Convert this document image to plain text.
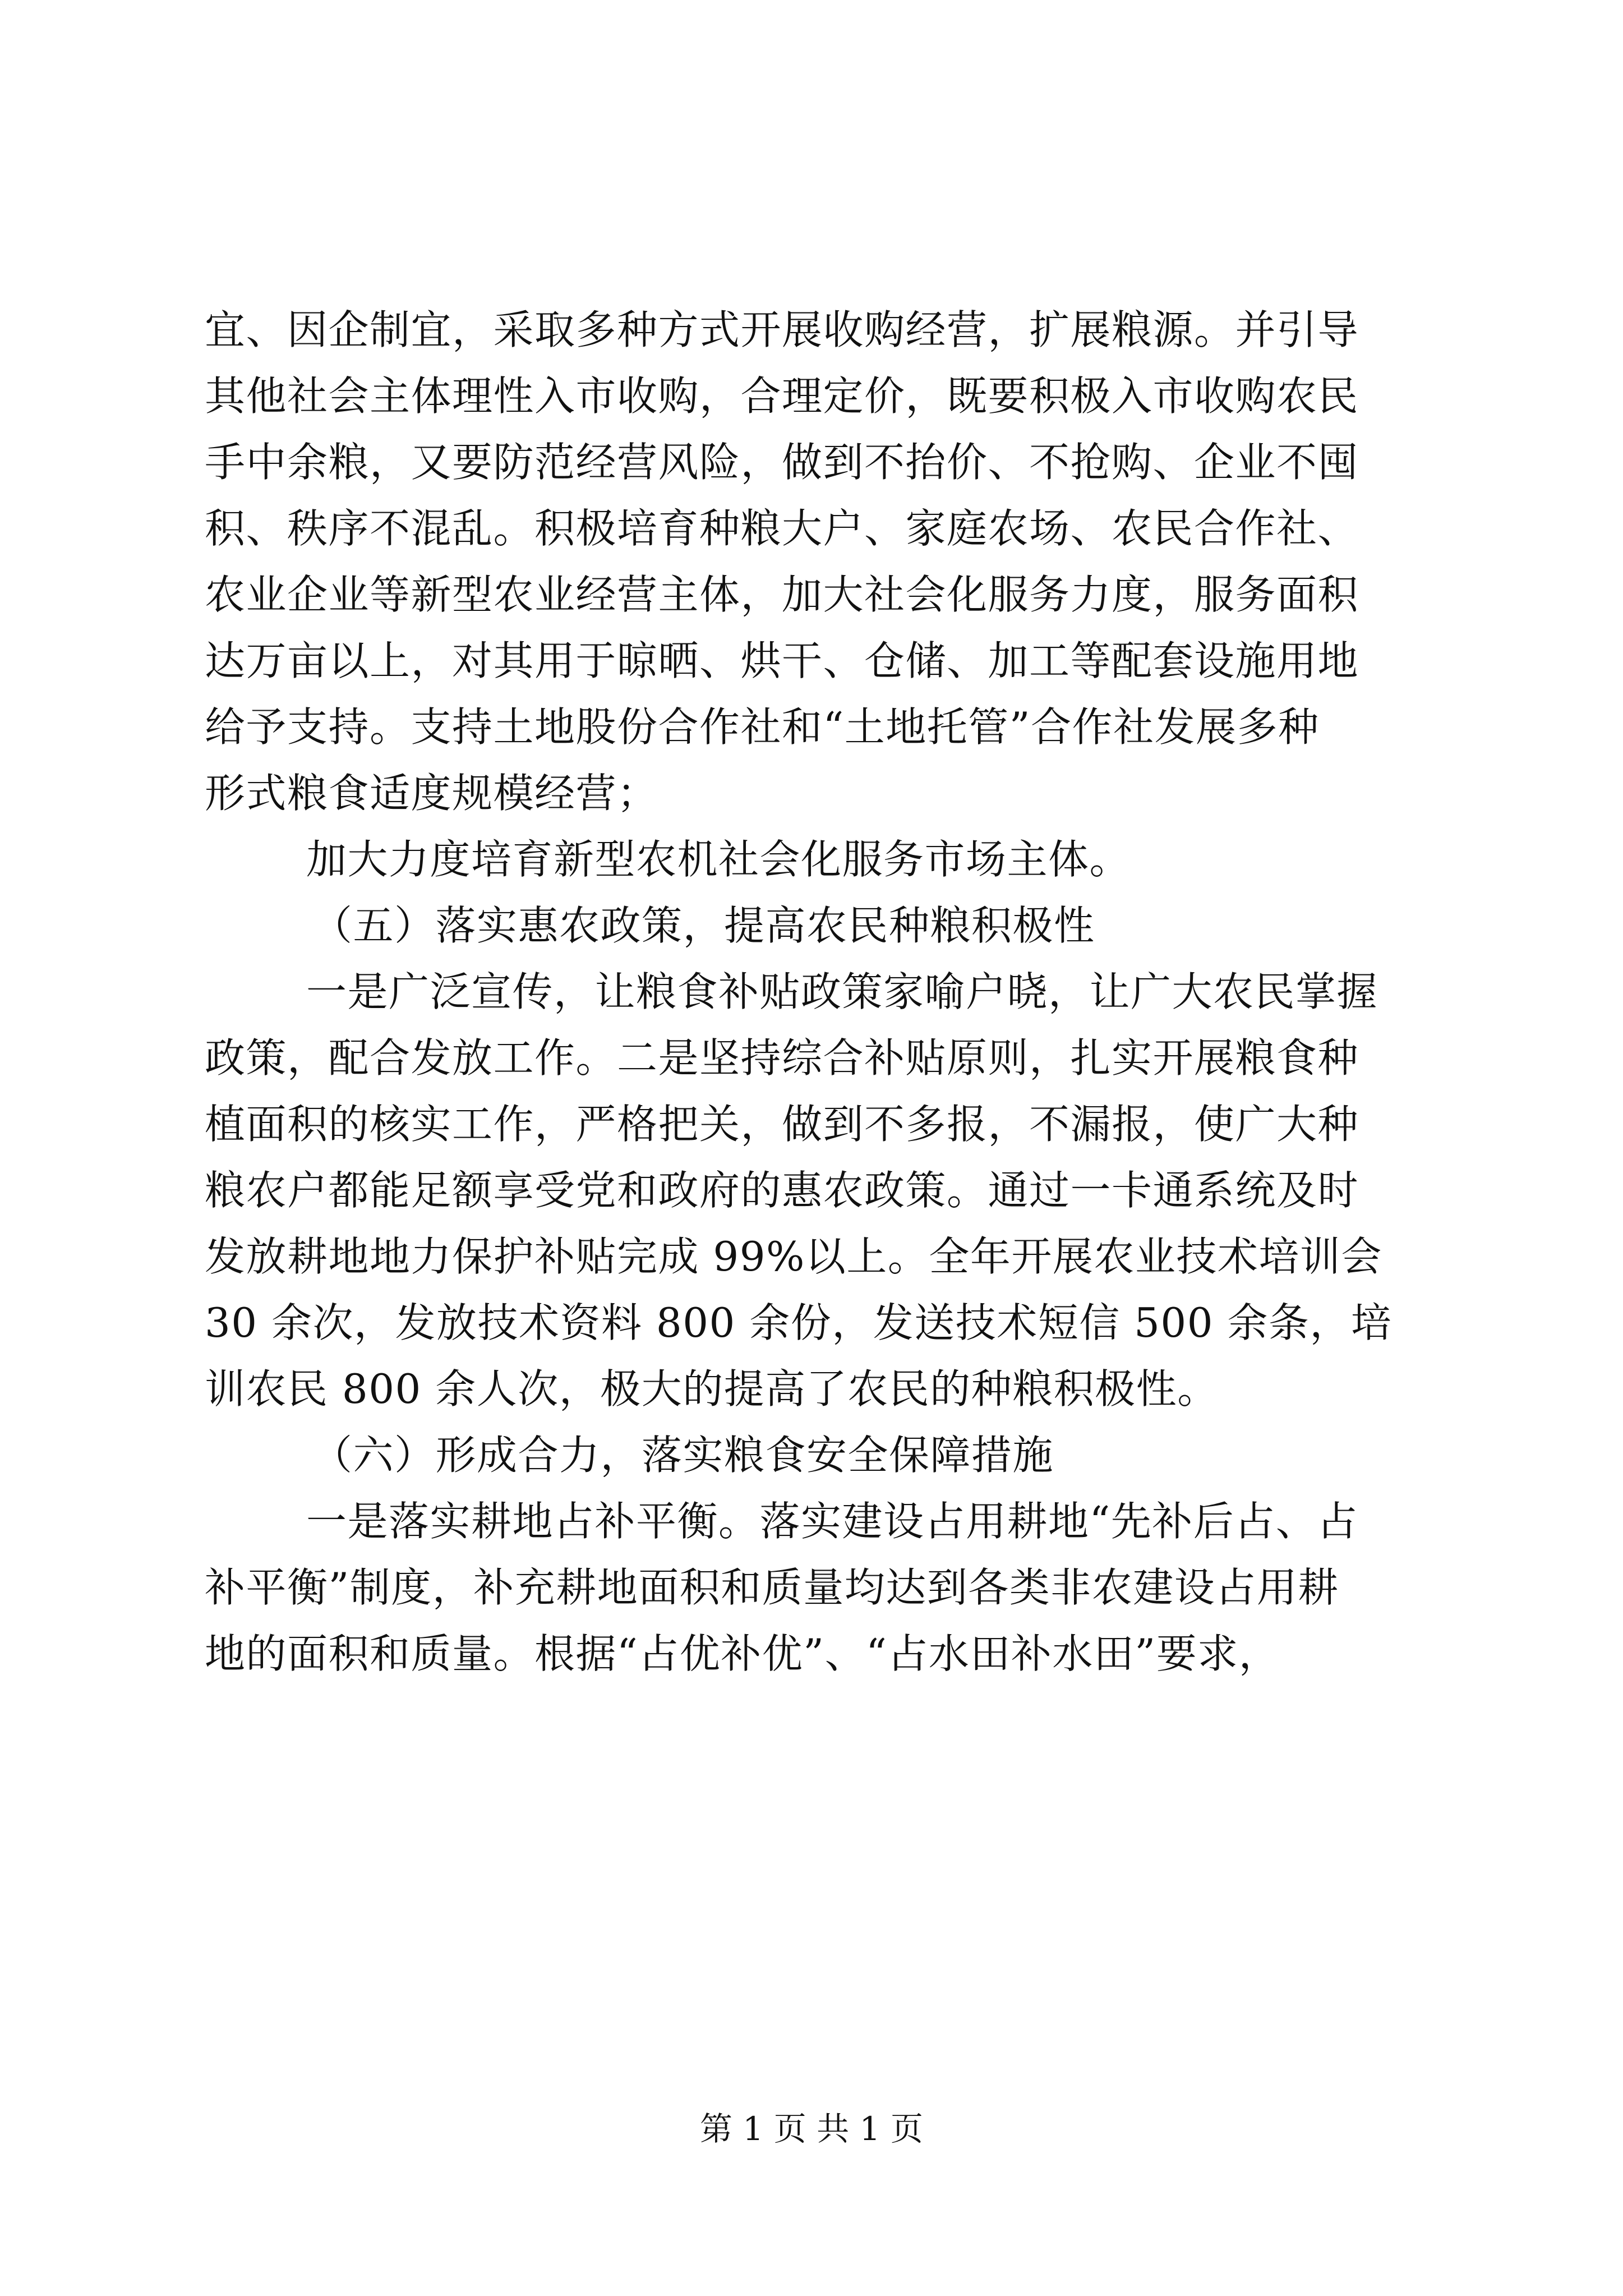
宜、因企制宜，采取多种方式开展收购经营，扩展粮源。并引导
其他社会主体理性入市收购，合理定价，既要积极入市收购农民
手中余粮，又要防范经营风险，做到不抬价、不抢购、企业不囤
积、秩序不混乱。积极培育种粮大户、家庭农场、农民合作社、
农业企业等新型农业经营主体，加大社会化服务力度，服务面积
达万亩以上，对其用于晾晒、烘干、仓储、加工等配套设施用地
给予支持。支持土地股份合作社和“土地托管”合作社发展多种
形式粮食适度规模经营；
加大力度培育新型农机社会化服务市场主体。
（五）落实惠农政策，提高农民种粮积极性
一是广泛宣传，让粮食补贴政策家喻户晓，让广大农民掌握
政策，配合发放工作。二是坚持综合补贴原则，扎实开展粮食种
植面积的核实工作，严格把关，做到不多报，不漏报，使广大种
粮农户都能足额享受党和政府的惠农政策。通过一卡通系统及时
发放耕地地力保护补贴完成 99%以上。全年开展农业技术培训会
30 余次，发放技术资料 800 余份，发送技术短信 500 余条，培
训农民 800 余人次，极大的提高了农民的种粮积极性。
（六）形成合力，落实粮食安全保障措施
一是落实耕地占补平衡。落实建设占用耕地“先补后占、占
补平衡”制度，补充耕地面积和质量均达到各类非农建设占用耕
地的面积和质量。根据“占优补优”、“占水田补水田”要求，
第 1 页 共 1 页
